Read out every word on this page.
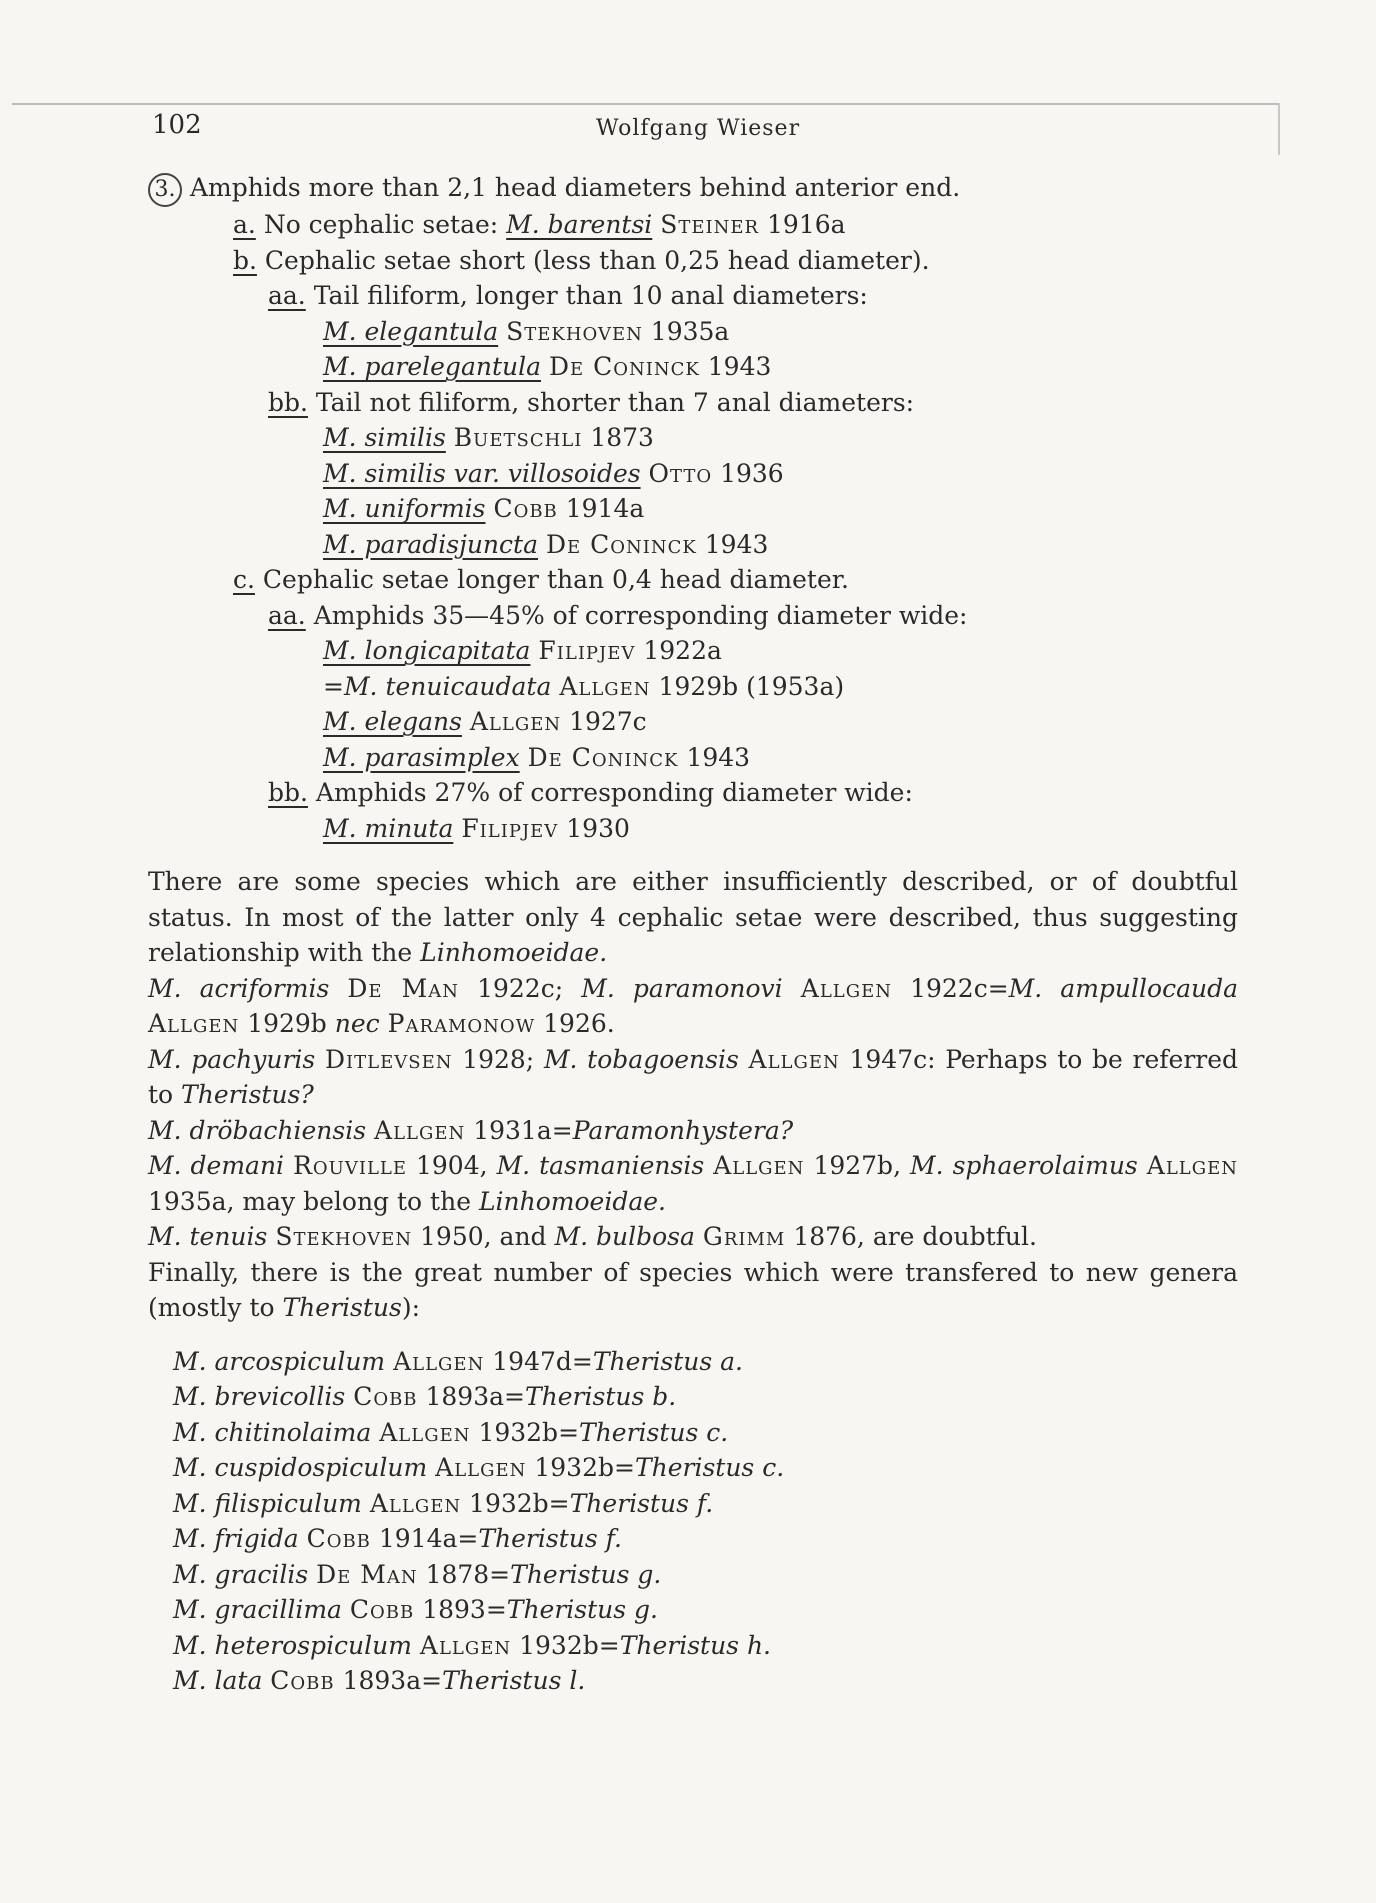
102	Wolfgang Wieser
3. Amphids more than 2,1 head diameters behind anterior end.
a. No cephalic setae: M. barentsi Steiner 1916a
b. Cephalic setae short (less than 0,25 head diameter).
aa. Tail filiform, longer than 10 anal diameters:
M. elegantula Stekhoven 1935a
M. parelegantula De Coninck 1943
bb. Tail not filiform, shorter than 7 anal diameters:
M. similis Buetschli 1873
M. similis var. villosoides Otto 1936
M. uniformis Cobb 1914a
M. paradisjuncta De Coninck 1943
c. Cephalic setae longer than 0,4 head diameter.
aa. Amphids 35—45% of corresponding diameter wide:
M. longicapitata Filipjev 1922a
=M. tenuicaudata Allgen 1929b (1953a)
M. elegans Allgen 1927c
M. parasimplex De Coninck 1943
bb. Amphids 27% of corresponding diameter wide:
M. minuta Filipjev 1930
There are some species which are either insufficiently described, or of doubtful status. In most of the latter only 4 cephalic setae were described, thus suggesting relationship with the Linhomoeidae.
M. acriformis De Man 1922c; M. paramonovi Allgen 1922c=M. ampullocauda Allgen 1929b nec Paramonow 1926.
M. pachyuris Ditlevsen 1928; M. tobagoensis Allgen 1947c: Perhaps to be referred to Theristus?
M. dröbachiensis Allgen 1931a=Paramonhystera?
M. demani Rouville 1904, M. tasmaniensis Allgen 1927b, M. sphaerolaimus Allgen 1935a, may belong to the Linhomoeidae.
M. tenuis Stekhoven 1950, and M. bulbosa Grimm 1876, are doubtful.
Finally, there is the great number of species which were transfered to new genera (mostly to Theristus):
M. arcospiculum Allgen 1947d=Theristus a.
M. brevicollis Cobb 1893a=Theristus b.
M. chitinolaima Allgen 1932b=Theristus c.
M. cuspidospiculum Allgen 1932b=Theristus c.
M. filispiculum Allgen 1932b=Theristus f.
M. frigida Cobb 1914a=Theristus f.
M. gracilis De Man 1878=Theristus g.
M. gracillima Cobb 1893=Theristus g.
M. heterospiculum Allgen 1932b=Theristus h.
M. lata Cobb 1893a=Theristus l.
